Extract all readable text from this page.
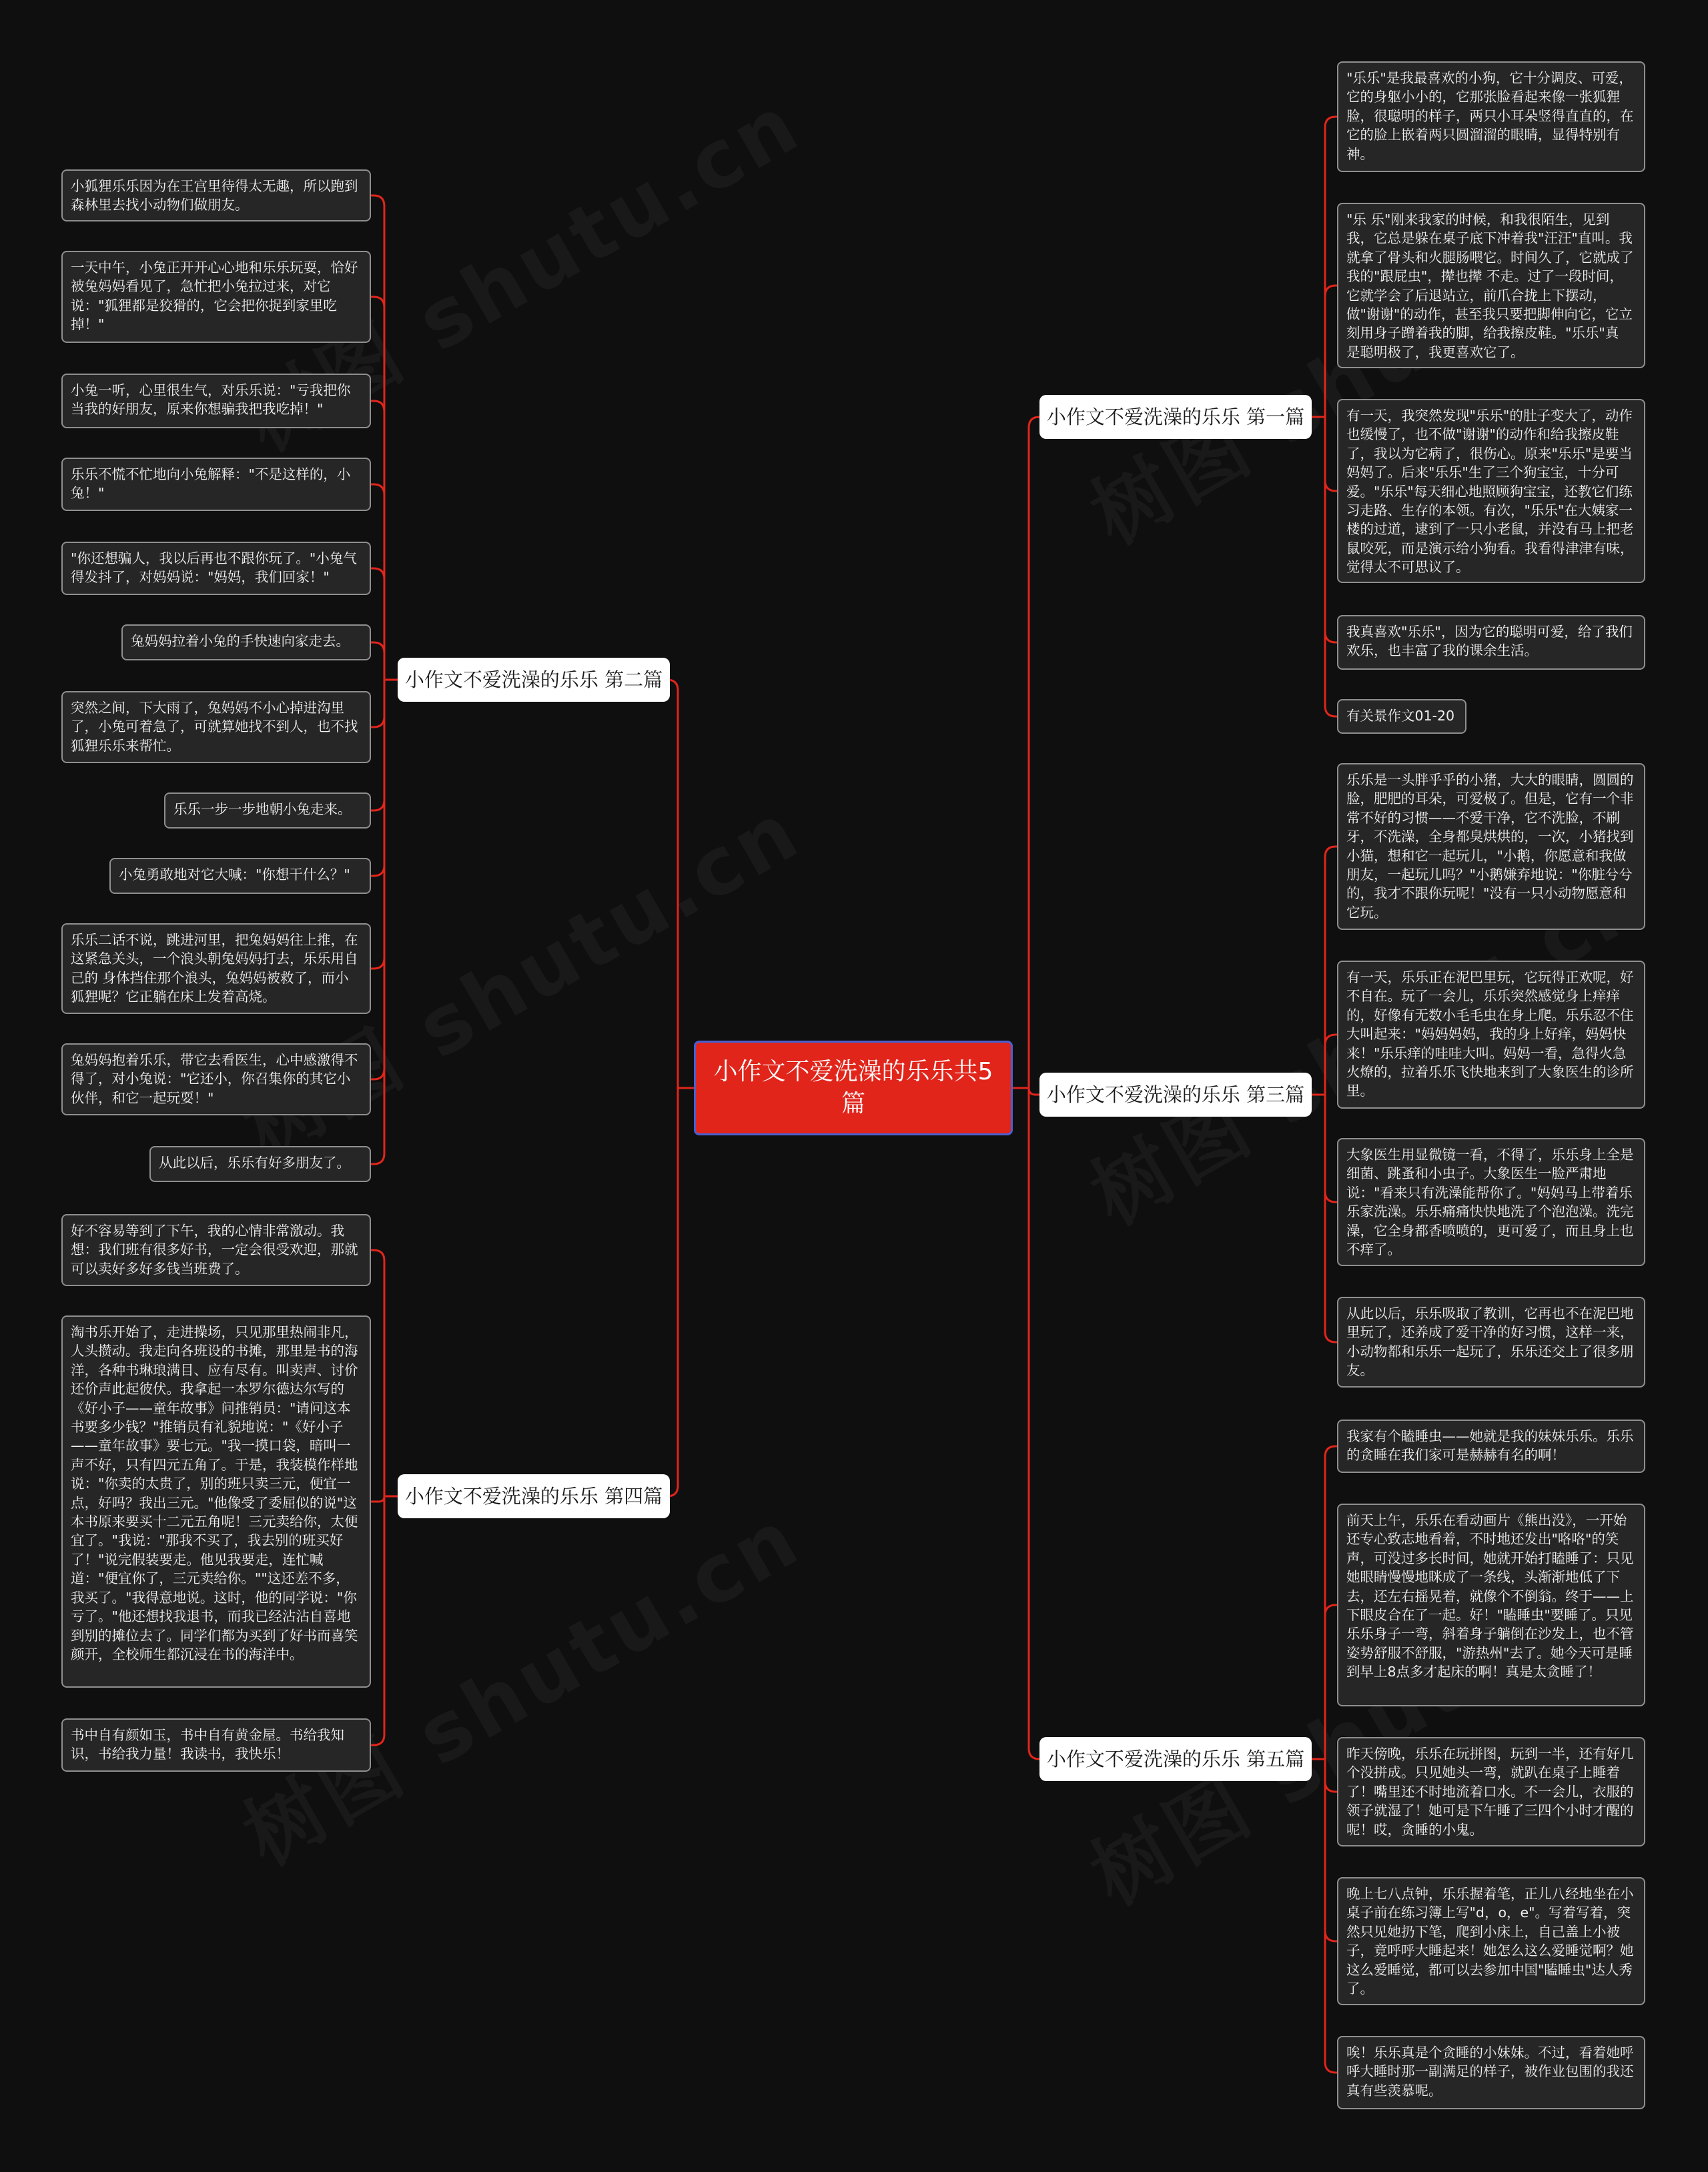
小作文不爱洗澡的乐乐共5篇
小作文不爱洗澡的乐乐 第一篇
"乐乐"是我最喜欢的小狗，它十分调皮、可爱，它的身躯小小的，它那张脸看起来像一张狐狸脸，很聪明的样子，两只小耳朵竖得直直的，在它的脸上嵌着两只圆溜溜的眼睛，显得特别有神。
"乐 乐"刚来我家的时候，和我很陌生，见到我，它总是躲在桌子底下冲着我"汪汪"直叫。我就拿了骨头和火腿肠喂它。时间久了，它就成了我的"跟屁虫"，撵也撵 不走。过了一段时间，它就学会了后退站立，前爪合拢上下摆动，做"谢谢"的动作，甚至我只要把脚伸向它，它立刻用身子蹭着我的脚，给我擦皮鞋。"乐乐"真 是聪明极了，我更喜欢它了。
有一天，我突然发现"乐乐"的肚子变大了，动作也缓慢了，也不做"谢谢"的动作和给我擦皮鞋了，我以为它病了，很伤心。原来"乐乐"是要当妈妈了。后来"乐乐"生了三个狗宝宝，十分可爱。"乐乐"每天细心地照顾狗宝宝，还教它们练习走路、生存的本领。有次，"乐乐"在大姨家一楼的过道，逮到了一只小老鼠，并没有马上把老鼠咬死，而是演示给小狗看。我看得津津有味，觉得太不可思议了。
我真喜欢"乐乐"，因为它的聪明可爱，给了我们欢乐，也丰富了我的课余生活。
有关景作文01-20
小作文不爱洗澡的乐乐 第二篇
小狐狸乐乐因为在王宫里待得太无趣，所以跑到森林里去找小动物们做朋友。
一天中午，小兔正开开心心地和乐乐玩耍，恰好被兔妈妈看见了，急忙把小兔拉过来，对它说："狐狸都是狡猾的，它会把你捉到家里吃掉！"
小兔一听，心里很生气，对乐乐说："亏我把你当我的好朋友，原来你想骗我把我吃掉！"
乐乐不慌不忙地向小兔解释："不是这样的，小兔！"
"你还想骗人，我以后再也不跟你玩了。"小兔气得发抖了，对妈妈说："妈妈，我们回家！"
兔妈妈拉着小兔的手快速向家走去。
突然之间，下大雨了，兔妈妈不小心掉进沟里了，小兔可着急了，可就算她找不到人，也不找狐狸乐乐来帮忙。
乐乐一步一步地朝小兔走来。
小兔勇敢地对它大喊："你想干什么？"
乐乐二话不说，跳进河里，把兔妈妈往上推，在这紧急关头，一个浪头朝兔妈妈打去，乐乐用自己的 身体挡住那个浪头，兔妈妈被救了，而小狐狸呢？它正躺在床上发着高烧。
兔妈妈抱着乐乐，带它去看医生，心中感激得不得了，对小兔说："它还小，你召集你的其它小伙伴，和它一起玩耍！"
从此以后，乐乐有好多朋友了。
小作文不爱洗澡的乐乐 第三篇
乐乐是一头胖乎乎的小猪，大大的眼睛，圆圆的脸，肥肥的耳朵，可爱极了。但是，它有一个非常不好的习惯——不爱干净，它不洗脸，不刷牙，不洗澡，全身都臭烘烘的，一次，小猪找到小猫，想和它一起玩儿，"小鹅，你愿意和我做朋友，一起玩儿吗？"小鹅嫌弃地说："你脏兮兮的，我才不跟你玩呢！"没有一只小动物愿意和它玩。
有一天，乐乐正在泥巴里玩，它玩得正欢呢，好不自在。玩了一会儿，乐乐突然感觉身上痒痒的，好像有无数小毛毛虫在身上爬。乐乐忍不住大叫起来："妈妈妈妈，我的身上好痒，妈妈快来！"乐乐痒的哇哇大叫。妈妈一看，急得火急火燎的，拉着乐乐飞快地来到了大象医生的诊所里。
大象医生用显微镜一看，不得了，乐乐身上全是细菌、跳蚤和小虫子。大象医生一脸严肃地说："看来只有洗澡能帮你了。"妈妈马上带着乐乐家洗澡。乐乐痛痛快快地洗了个泡泡澡。洗完澡，它全身都香喷喷的，更可爱了，而且身上也不痒了。
从此以后，乐乐吸取了教训，它再也不在泥巴地里玩了，还养成了爱干净的好习惯，这样一来，小动物都和乐乐一起玩了，乐乐还交上了很多朋友。
小作文不爱洗澡的乐乐 第四篇
好不容易等到了下午，我的心情非常激动。我想：我们班有很多好书，一定会很受欢迎，那就可以卖好多好多钱当班费了。
淘书乐开始了，走进操场，只见那里热闹非凡，人头攒动。我走向各班设的书摊，那里是书的海洋，各种书琳琅满目、应有尽有。叫卖声、讨价还价声此起彼伏。我拿起一本罗尔德达尔写的《好小子——童年故事》问推销员："请问这本书要多少钱？"推销员有礼貌地说："《好小子——童年故事》要七元。"我一摸口袋，暗叫一声不好，只有四元五角了。于是，我装模作样地说："你卖的太贵了，别的班只卖三元，便宜一点，好吗？我出三元。"他像受了委屈似的说"这本书原来要买十二元五角呢！三元卖给你，太便宜了。"我说："那我不买了，我去别的班买好了！"说完假装要走。他见我要走，连忙喊道："便宜你了，三元卖给你。""这还差不多，我买了。"我得意地说。这时，他的同学说："你亏了。"他还想找我退书，而我已经沾沾自喜地到别的摊位去了。同学们都为买到了好书而喜笑颜开，全校师生都沉浸在书的海洋中。
书中自有颜如玉，书中自有黄金屋。书给我知识，书给我力量！我读书，我快乐！	小作文不爱洗澡的乐乐 第五篇
我家有个瞌睡虫——她就是我的妹妹乐乐。乐乐的贪睡在我们家可是赫赫有名的啊！
前天上午，乐乐在看动画片《熊出没》，一开始还专心致志地看着，不时地还发出"咯咯"的笑声，可没过多长时间，她就开始打瞌睡了：只见她眼睛慢慢地眯成了一条线，头渐渐地低了下去，还左右摇晃着，就像个不倒翁。终于——上下眼皮合在了一起。好！"瞌睡虫"要睡了。只见乐乐身子一弯，斜着身子躺倒在沙发上，也不管姿势舒服不舒服，"游热州"去了。她今天可是睡到早上8点多才起床的啊！真是太贪睡了！
昨天傍晚，乐乐在玩拼图，玩到一半，还有好几个没拼成。只见她头一弯，就趴在桌子上睡着了！嘴里还不时地流着口水。不一会儿，衣服的领子就湿了！她可是下午睡了三四个小时才醒的呢！哎，贪睡的小鬼。
晚上七八点钟，乐乐握着笔，正儿八经地坐在小桌子前在练习簿上写"d，o，e"。写着写着，突然只见她扔下笔，爬到小床上，自己盖上小被子，竟呼呼大睡起来！她怎么这么爱睡觉啊？她这么爱睡觉，都可以去参加中国"瞌睡虫"达人秀了。
唉！乐乐真是个贪睡的小妹妹。不过，看着她呼呼大睡时那一副满足的样子，被作业包围的我还真有些羡慕呢。
